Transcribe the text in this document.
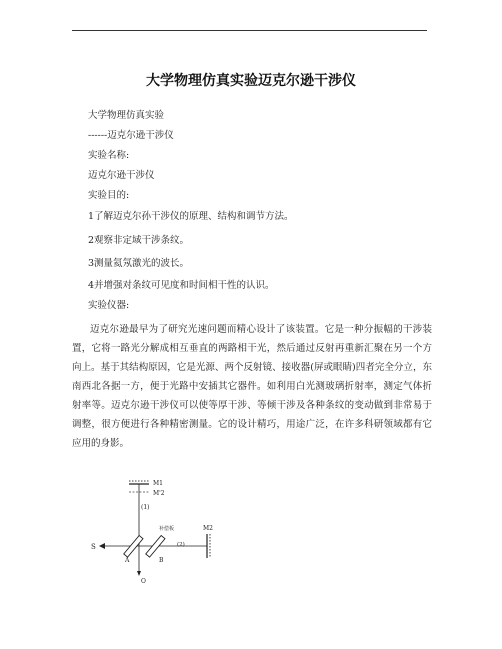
大学物理仿真实验迈克尔逊干涉仪
大学物理仿真实验
------迈克尔逊干涉仪
实验名称:
迈克尔逊干涉仪
实验目的:
1了解迈克尔孙干涉仪的原理、结构和调节方法。
2观察非定域干涉条纹。
3测量氦氖激光的波长。
4并增强对条纹可见度和时间相干性的认识。
实验仪器:
迈克尔逊最早为了研究光速问题而精心设计了该装置。它是一种分振幅的干涉装置，它将一路光分解成相互垂直的两路相干光，然后通过反射再重新汇聚在另一个方向上。基于其结构原因，它是光源、两个反射镜、接收器(屏或眼睛)四者完全分立，东南西北各据一方，便于光路中安插其它器件。如利用白光测玻璃折射率，测定气体折射率等。迈克尔逊干涉仪可以使等厚干涉、等倾干涉及各种条纹的变动做到非常易于调整，很方便进行各种精密测量。它的设计精巧，用途广泛，在许多科研领域都有它应用的身影。
M1
M'2
(1)
S
A	B
补偿板
(2)
M2
O
